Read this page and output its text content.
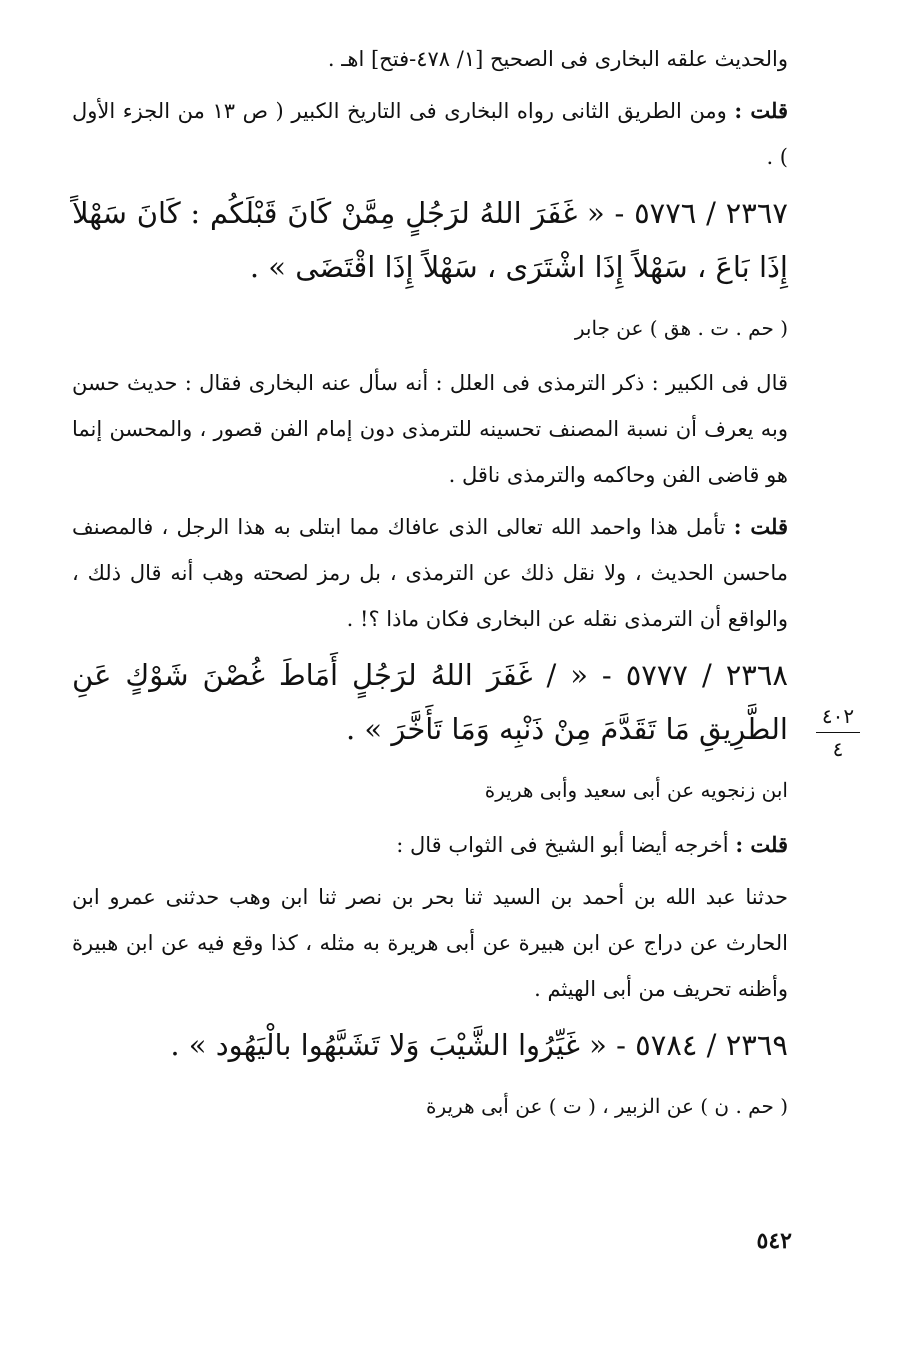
والحديث علقه البخارى فى الصحيح [١/ ٤٧٨-فتح] اهـ .

قلت : ومن الطريق الثانى رواه البخارى فى التاريخ الكبير ( ص ١٣ من الجزء الأول ) .

٢٣٦٧ / ٥٧٧٦ - « غَفَرَ اللهُ لرَجُلٍ مِمَّنْ كَانَ قَبْلَكُم : كَانَ سَهْلاً إِذَا بَاعَ ، سَهْلاً إِذَا اشْتَرَى ، سَهْلاً إِذَا اقْتَضَى » .

( حم . ت . هق ) عن جابر

قال فى الكبير : ذكر الترمذى فى العلل : أنه سأل عنه البخارى فقال : حديث حسن وبه يعرف أن نسبة المصنف تحسينه للترمذى دون إمام الفن قصور ، والمحسن إنما هو قاضى الفن وحاكمه والترمذى ناقل .

قلت : تأمل هذا واحمد الله تعالى الذى عافاك مما ابتلى به هذا الرجل ، فالمصنف ماحسن الحديث ، ولا نقل ذلك عن الترمذى ، بل رمز لصحته وهب أنه قال ذلك ، والواقع أن الترمذى نقله عن البخارى فكان ماذا ؟! .

٢٣٦٨ / ٥٧٧٧ - « / غَفَرَ اللهُ لرَجُلٍ أَمَاطَ غُصْنَ شَوْكٍ عَنِ الطَّرِيقِ مَا تَقَدَّمَ مِنْ ذَنْبِه وَمَا تَأَخَّرَ » .

ابن زنجويه عن أبى سعيد وأبى هريرة

قلت : أخرجه أيضا أبو الشيخ فى الثواب قال :

حدثنا عبد الله بن أحمد بن السيد ثنا بحر بن نصر ثنا ابن وهب حدثنى عمرو ابن الحارث عن دراج عن ابن هبيرة عن أبى هريرة به مثله ، كذا وقع فيه عن ابن هبيرة وأظنه تحريف من أبى الهيثم .

٢٣٦٩ / ٥٧٨٤ - « غَيِّرُوا الشَّيْبَ وَلا تَشَبَّهُوا بالْيَهُود » .

( حم . ن ) عن الزبير ، ( ت ) عن أبى هريرة

٤٠٢
٤
٥٤٢
